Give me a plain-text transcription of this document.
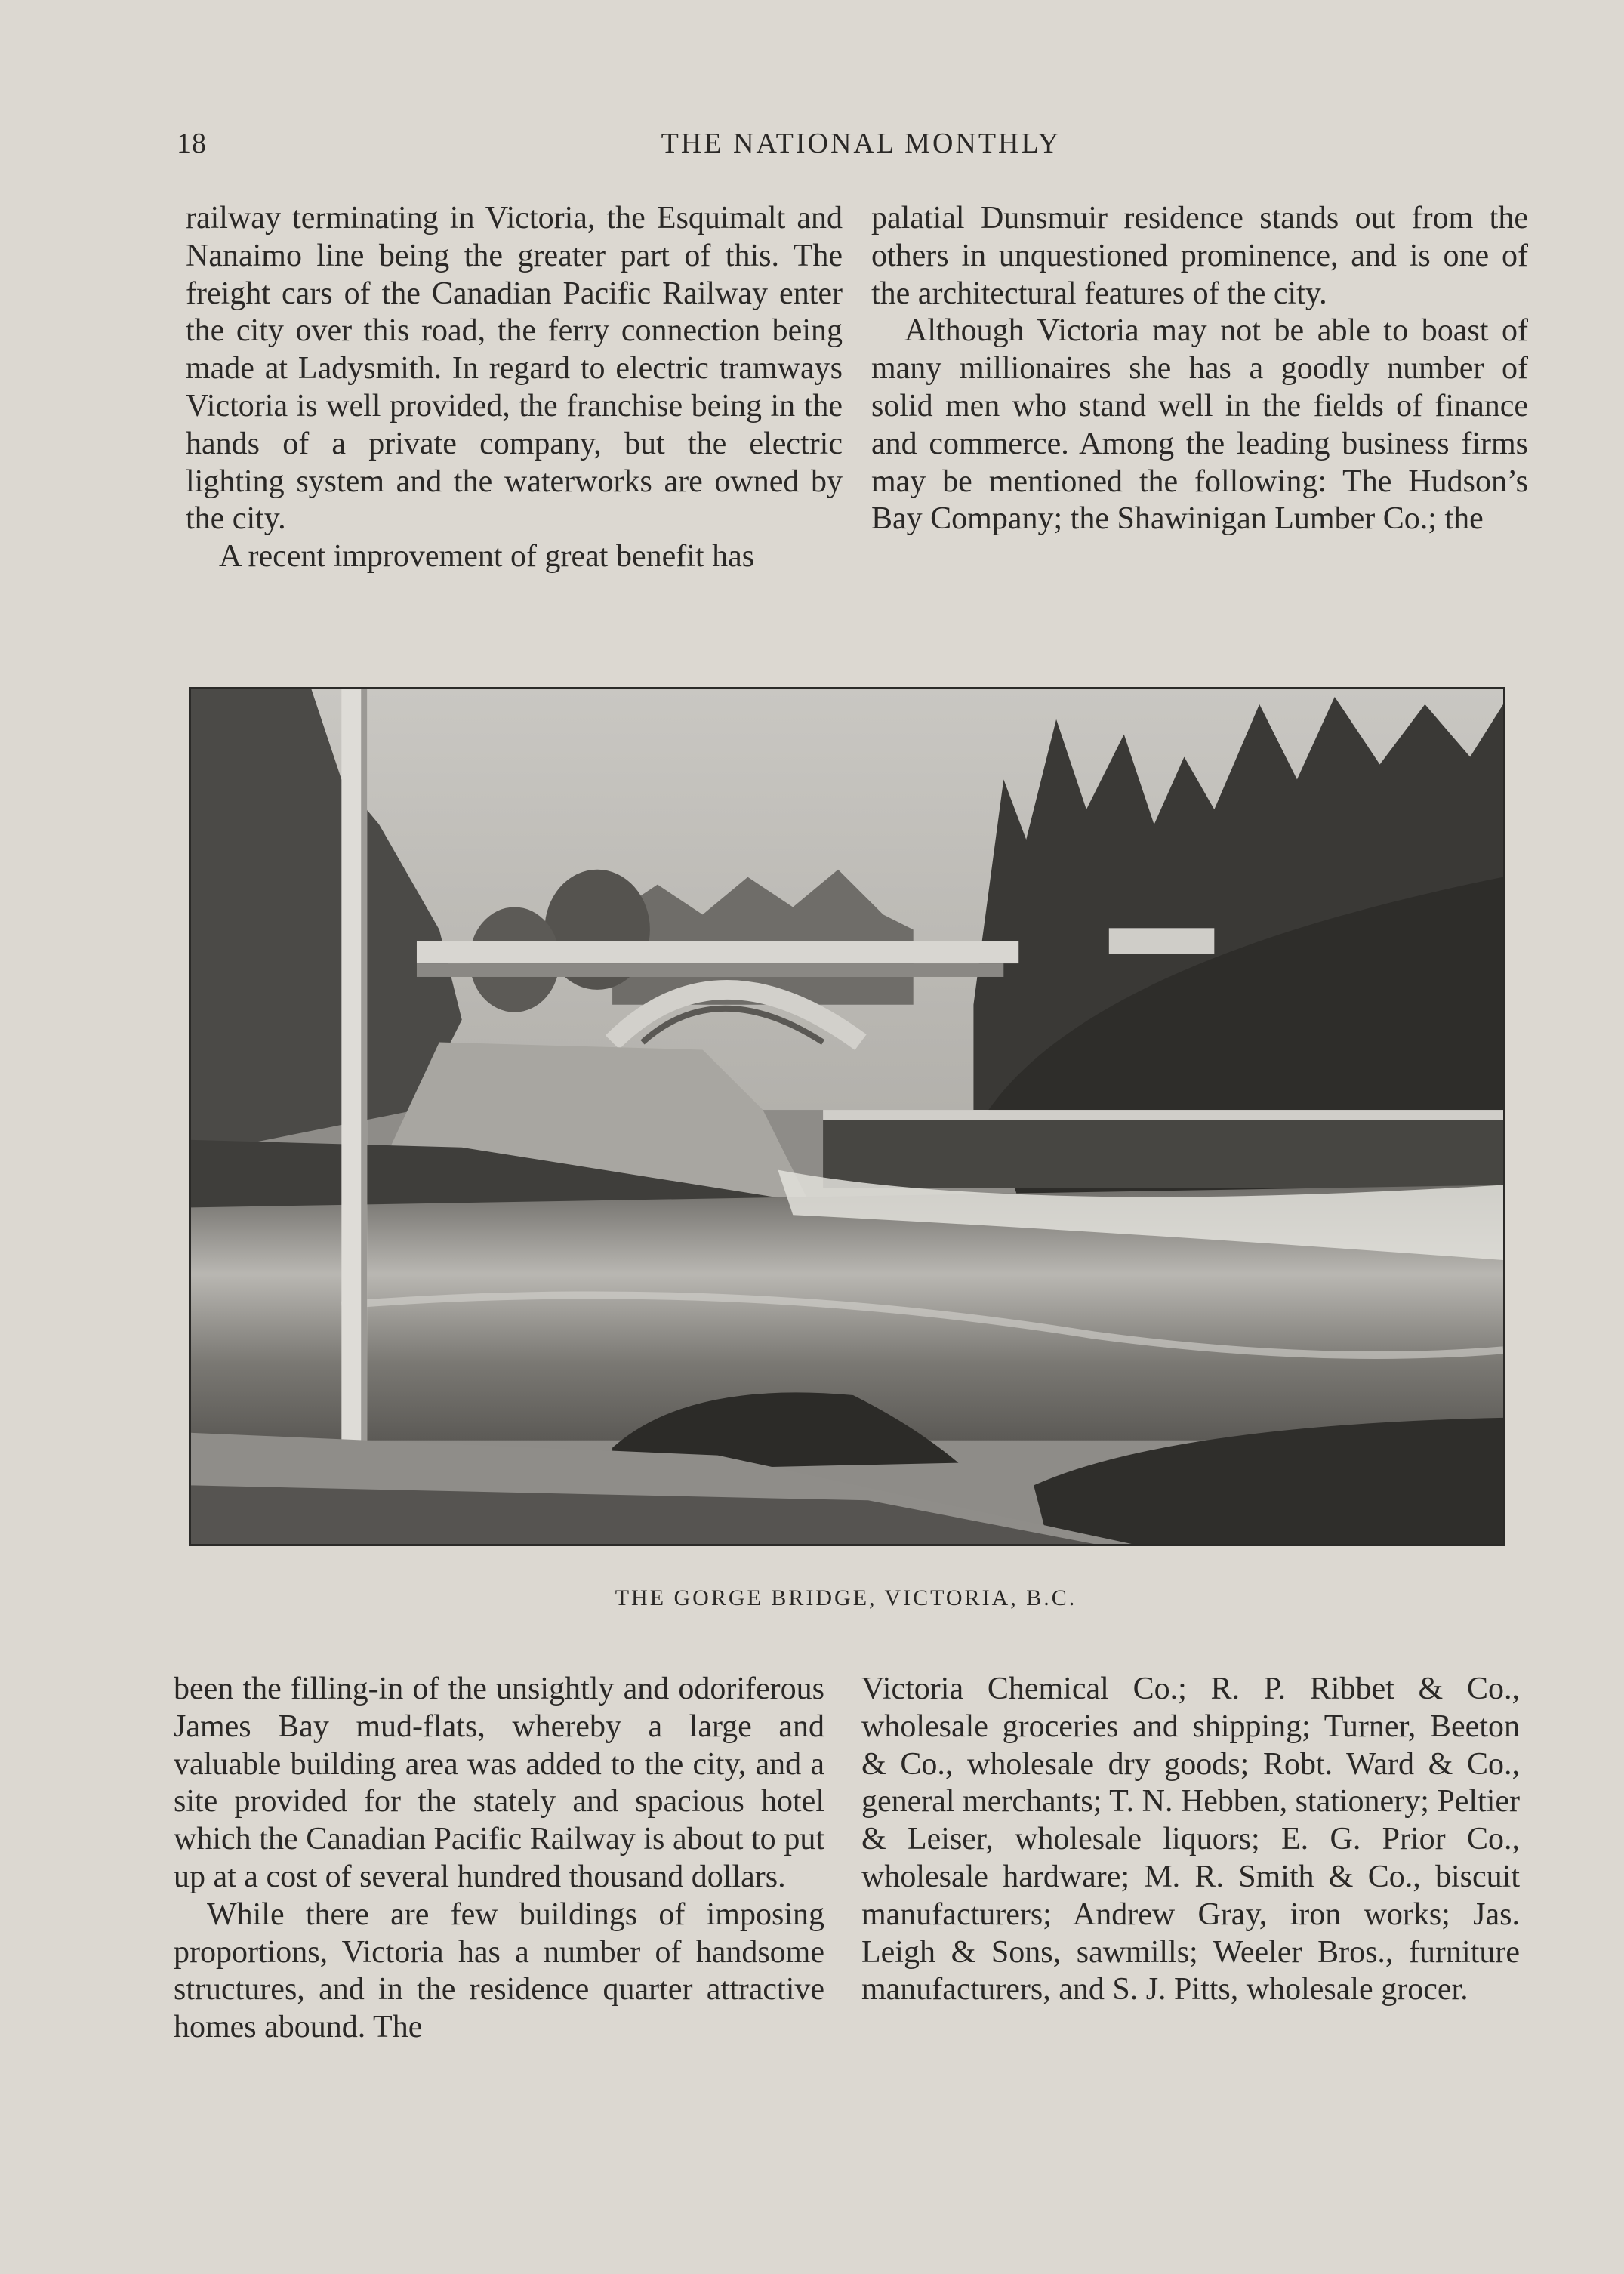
18	THE NATIONAL MONTHLY

railway terminating in Victoria, the Esquimalt and Nanaimo line being the greater part of this. The freight cars of the Canadian Pacific Railway enter the city over this road, the ferry connection being made at Ladysmith. In regard to electric tramways Victoria is well provided, the franchise being in the hands of a private company, but the electric lighting system and the waterworks are owned by the city.

A recent improvement of great benefit has

palatial Dunsmuir residence stands out from the others in unquestioned prominence, and is one of the architectural features of the city.

Although Victoria may not be able to boast of many millionaires she has a goodly number of solid men who stand well in the fields of finance and commerce. Among the leading business firms may be mentioned the following: The Hudson’s Bay Company; the Shawinigan Lumber Co.; the

THE GORGE BRIDGE, VICTORIA, B.C.

been the filling-in of the unsightly and odoriferous James Bay mud-flats, whereby a large and valuable building area was added to the city, and a site provided for the stately and spacious hotel which the Canadian Pacific Railway is about to put up at a cost of several hundred thousand dollars.

While there are few buildings of imposing proportions, Victoria has a number of handsome structures, and in the residence quarter attractive homes abound. The

Victoria Chemical Co.; R. P. Ribbet & Co., wholesale groceries and shipping; Turner, Beeton & Co., wholesale dry goods; Robt. Ward & Co., general merchants; T. N. Hebben, stationery; Peltier & Leiser, wholesale liquors; E. G. Prior Co., wholesale hardware; M. R. Smith & Co., biscuit manufacturers; Andrew Gray, iron works; Jas. Leigh & Sons, sawmills; Weeler Bros., furniture manufacturers, and S. J. Pitts, wholesale grocer.
